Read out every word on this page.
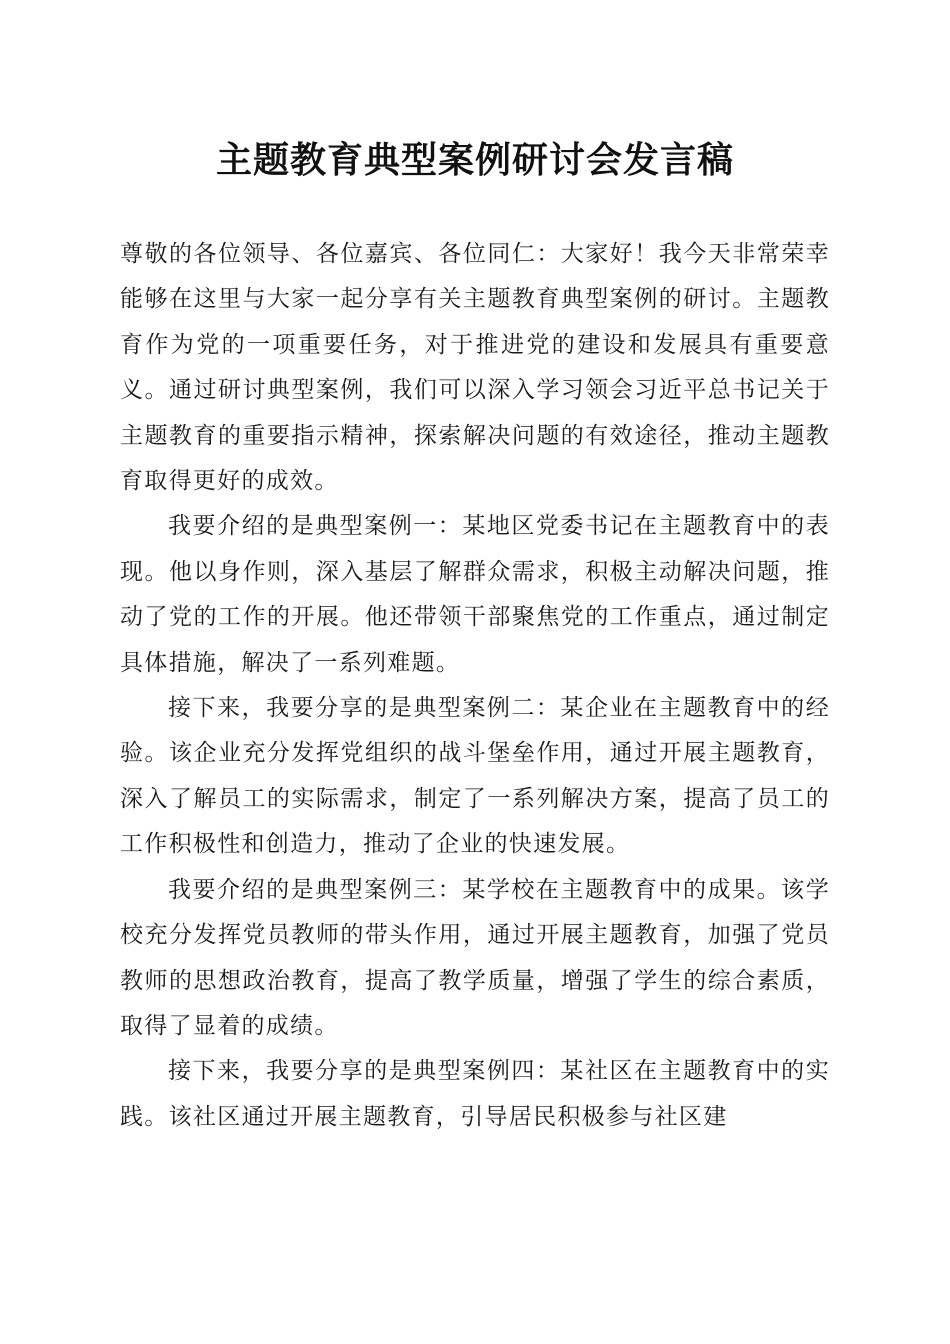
主题教育典型案例研讨会发言稿

尊敬的各位领导、各位嘉宾、各位同仁：大家好！我今天非常荣幸能够在这里与大家一起分享有关主题教育典型案例的研讨。主题教育作为党的一项重要任务，对于推进党的建设和发展具有重要意义。通过研讨典型案例，我们可以深入学习领会习近平总书记关于主题教育的重要指示精神，探索解决问题的有效途径，推动主题教育取得更好的成效。

我要介绍的是典型案例一：某地区党委书记在主题教育中的表现。他以身作则，深入基层了解群众需求，积极主动解决问题，推动了党的工作的开展。他还带领干部聚焦党的工作重点，通过制定具体措施，解决了一系列难题。

接下来，我要分享的是典型案例二：某企业在主题教育中的经验。该企业充分发挥党组织的战斗堡垒作用，通过开展主题教育，深入了解员工的实际需求，制定了一系列解决方案，提高了员工的工作积极性和创造力，推动了企业的快速发展。

我要介绍的是典型案例三：某学校在主题教育中的成果。该学校充分发挥党员教师的带头作用，通过开展主题教育，加强了党员教师的思想政治教育，提高了教学质量，增强了学生的综合素质，取得了显着的成绩。

接下来，我要分享的是典型案例四：某社区在主题教育中的实践。该社区通过开展主题教育，引导居民积极参与社区建
